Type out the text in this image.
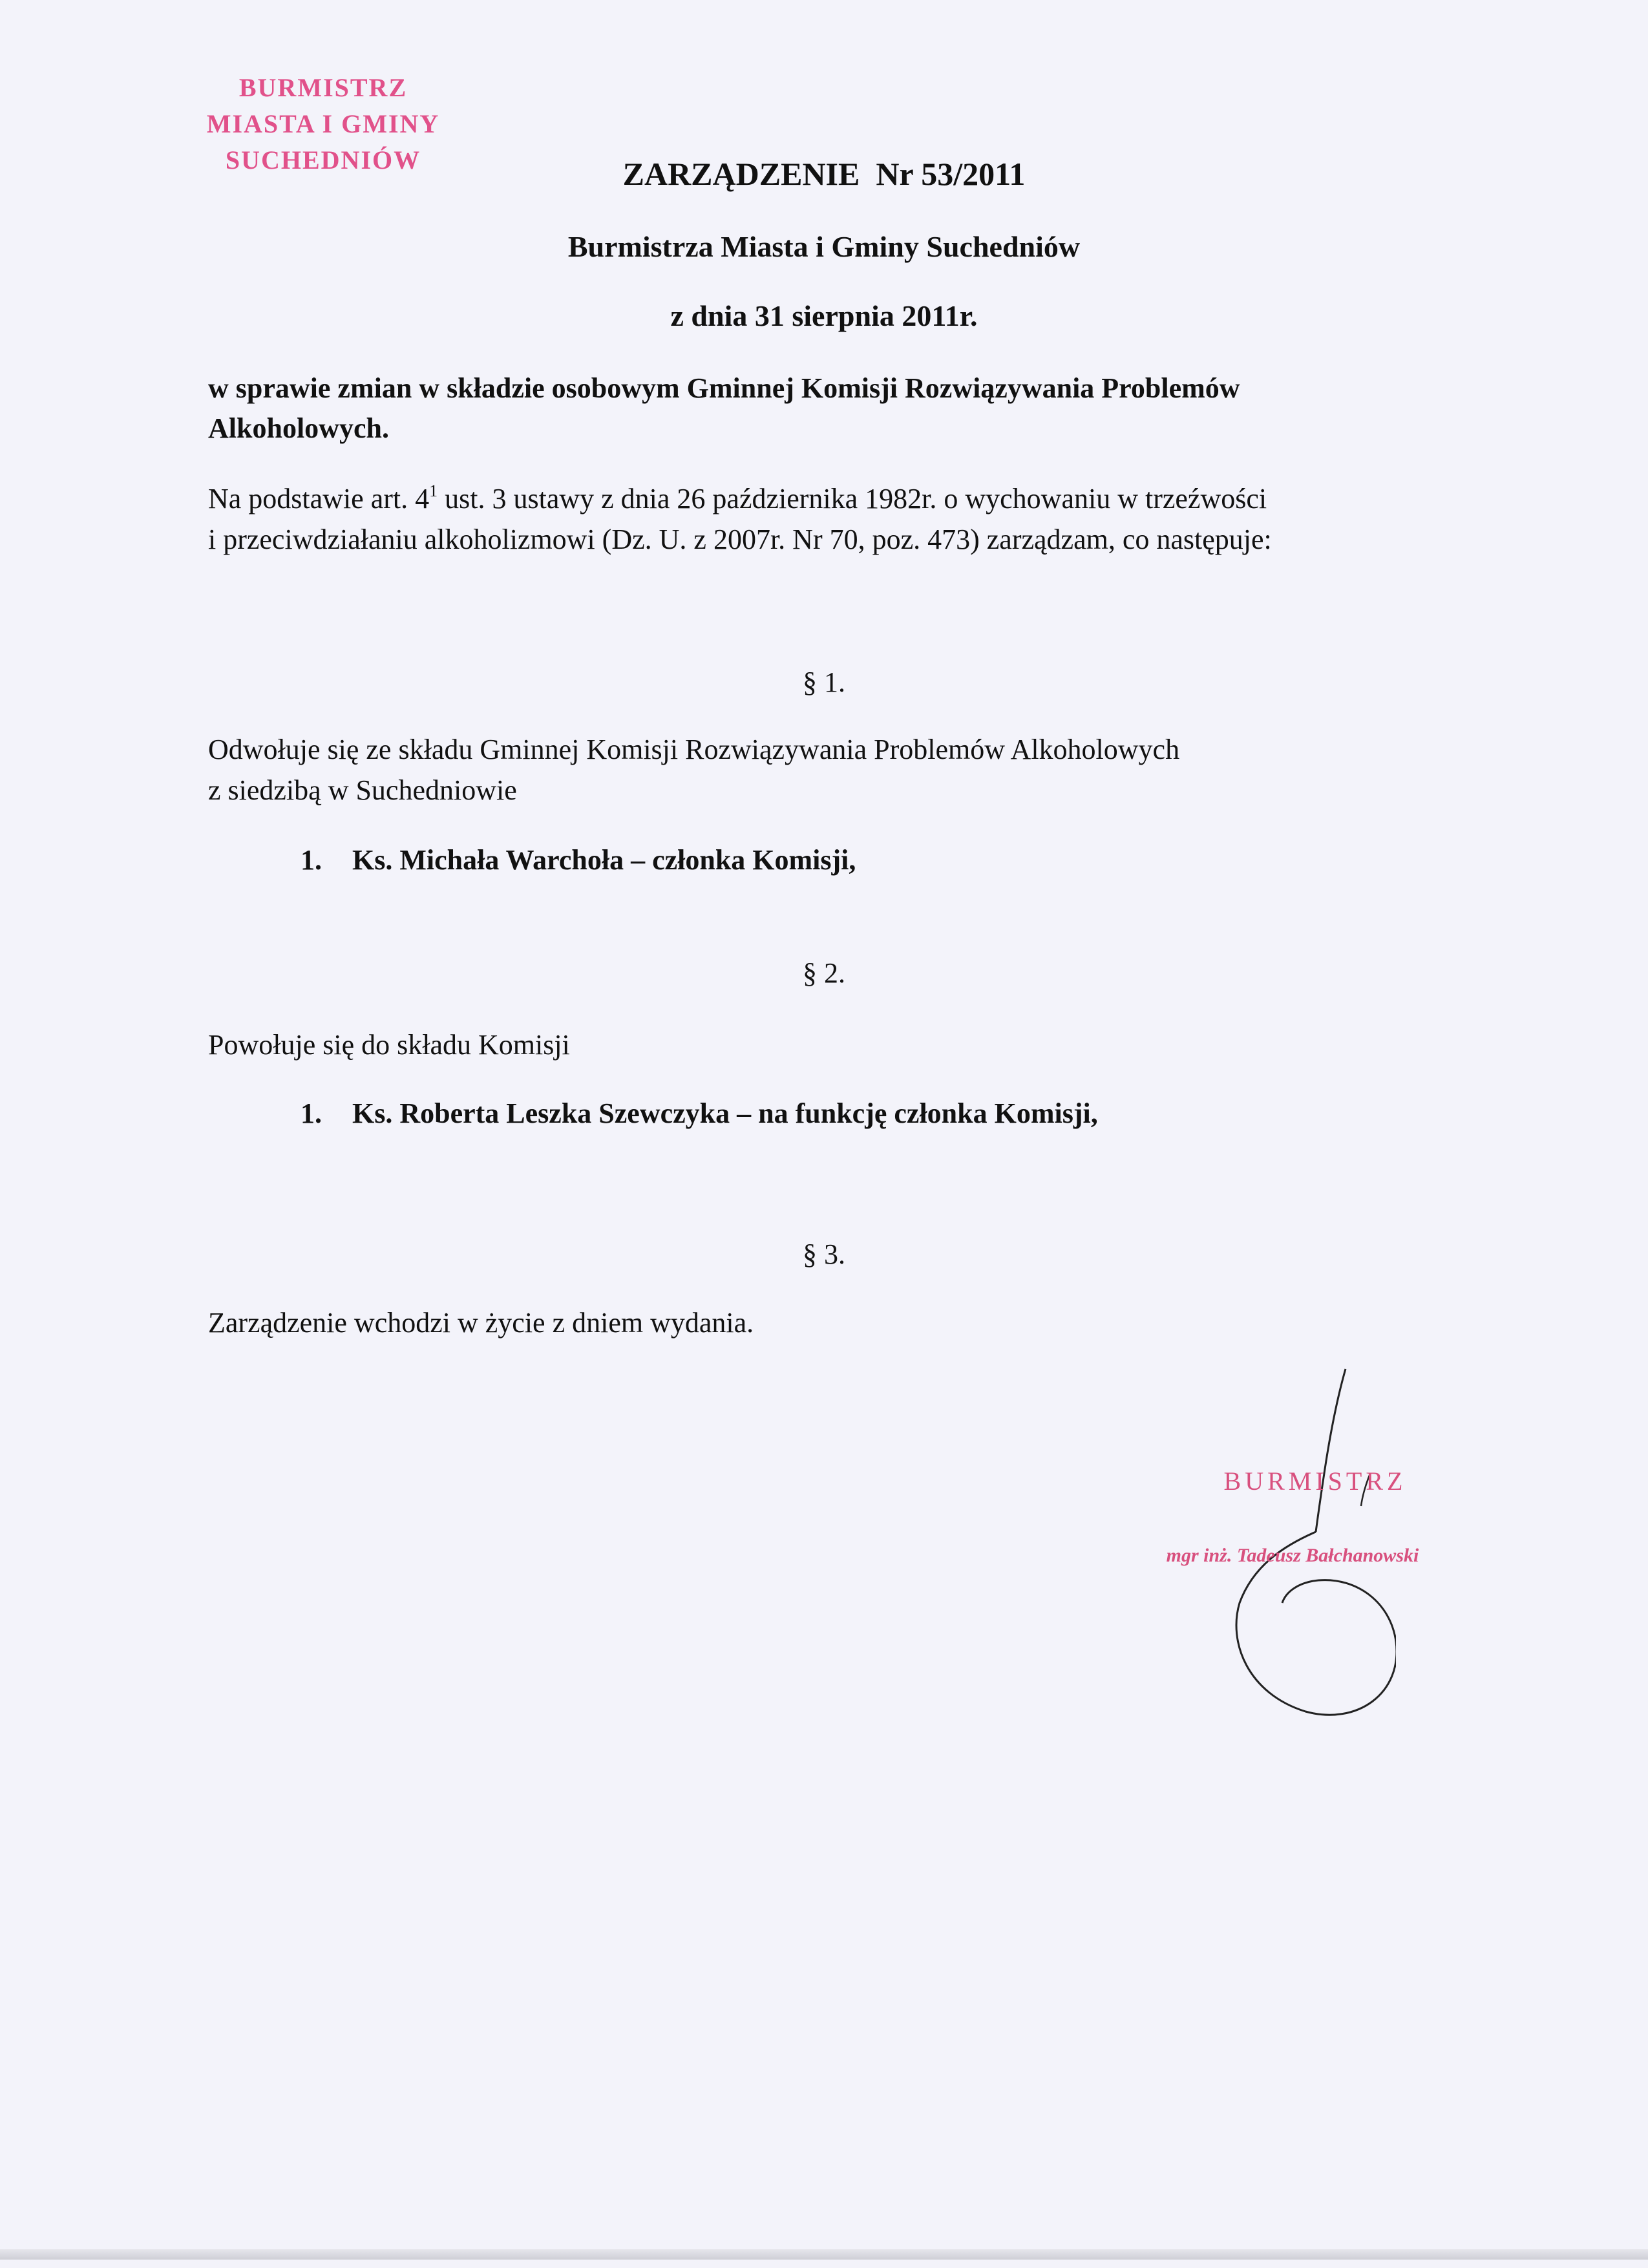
BURMISTRZ
MIASTA I GMINY
SUCHEDNIÓW	ZARZĄDZENIE  Nr 53/2011
Burmistrza Miasta i Gminy Suchedniów
z dnia 31 sierpnia 2011r.
w sprawie zmian w składzie osobowym Gminnej Komisji Rozwiązywania Problemów
Alkoholowych.
Na podstawie art. $4^1$ ust. 3 ustawy z dnia 26 października 1982r. o wychowaniu w trzeźwości
i przeciwdziałaniu alkoholizmowi (Dz. U. z 2007r. Nr 70, poz. 473) zarządzam, co następuje:
§ 1.
Odwołuje się ze składu Gminnej Komisji Rozwiązywania Problemów Alkoholowych
z siedzibą w Suchedniowie
1. Ks. Michała Warchoła – członka Komisji,
§ 2.
Powołuje się do składu Komisji
1. Ks. Roberta Leszka Szewczyka – na funkcję członka Komisji,
§ 3.
Zarządzenie wchodzi w życie z dniem wydania.
BURMISTRZ
mgr inż. Tadeusz Bałchanowski
